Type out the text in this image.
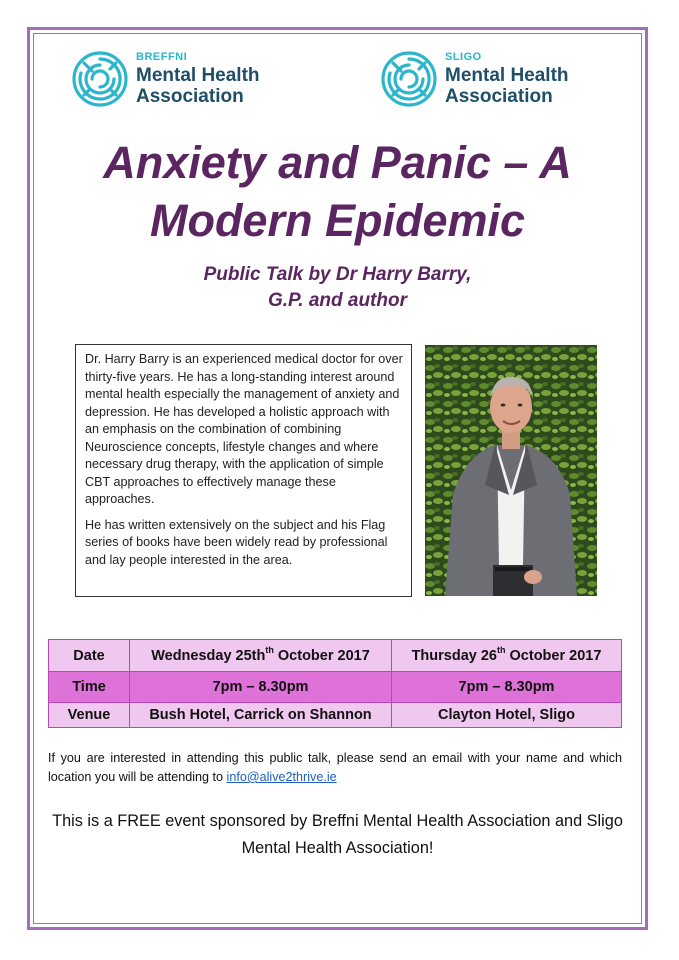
BREFFNI
Mental Health
Association
SLIGO
Mental Health
Association
Anxiety and Panic – A
Modern Epidemic
Public Talk by Dr Harry Barry,
G.P. and author

Dr. Harry Barry is an experienced medical doctor for over thirty-five years. He has a long-standing interest around mental health especially the management of anxiety and depression. He has developed a holistic approach with an emphasis on the combination of combining Neuroscience concepts, lifestyle changes and where necessary drug therapy, with the application of simple CBT approaches to effectively manage these approaches.

He has written extensively on the subject and his Flag series of books have been widely read by professional and lay people interested in the area.

Date	Wednesday $25th^{th}$ October 2017	Thursday 26th October 2017
Time	7pm – 8.30pm	7pm – 8.30pm
Venue	Bush Hotel, Carrick on Shannon	Clayton Hotel, Sligo

If you are interested in attending this public talk, please send an email with your name and which location you will be attending to info@alive2thrive.ie

This is a FREE event sponsored by Breffni Mental Health Association and Sligo
Mental Health Association!
